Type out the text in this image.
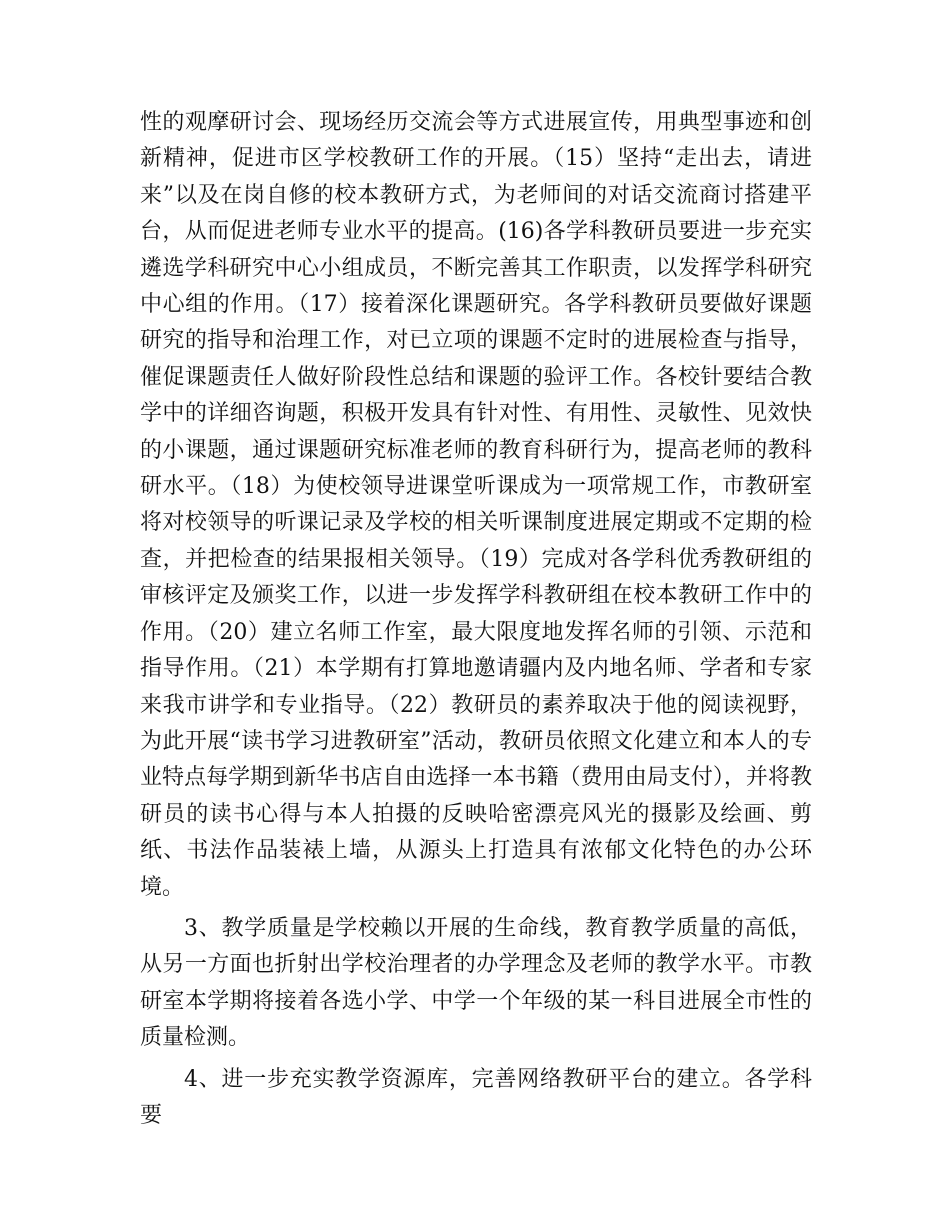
性的观摩研讨会、现场经历交流会等方式进展宣传，用典型事迹和创新精神，促进市区学校教研工作的开展。（15）坚持“走出去，请进来”以及在岗自修的校本教研方式，为老师间的对话交流商讨搭建平台，从而促进老师专业水平的提高。(16)各学科教研员要进一步充实遴选学科研究中心小组成员，不断完善其工作职责，以发挥学科研究中心组的作用。（17）接着深化课题研究。各学科教研员要做好课题研究的指导和治理工作，对已立项的课题不定时的进展检查与指导，催促课题责任人做好阶段性总结和课题的验评工作。各校针要结合教学中的详细咨询题，积极开发具有针对性、有用性、灵敏性、见效快的小课题，通过课题研究标准老师的教育科研行为，提高老师的教科研水平。（18）为使校领导进课堂听课成为一项常规工作，市教研室将对校领导的听课记录及学校的相关听课制度进展定期或不定期的检查，并把检查的结果报相关领导。（19）完成对各学科优秀教研组的审核评定及颁奖工作，以进一步发挥学科教研组在校本教研工作中的作用。（20）建立名师工作室，最大限度地发挥名师的引领、示范和指导作用。（21）本学期有打算地邀请疆内及内地名师、学者和专家来我市讲学和专业指导。（22）教研员的素养取决于他的阅读视野，为此开展“读书学习进教研室”活动，教研员依照文化建立和本人的专业特点每学期到新华书店自由选择一本书籍（费用由局支付），并将教研员的读书心得与本人拍摄的反映哈密漂亮风光的摄影及绘画、剪纸、书法作品装裱上墙，从源头上打造具有浓郁文化特色的办公环境。

3、教学质量是学校赖以开展的生命线，教育教学质量的高低，从另一方面也折射出学校治理者的办学理念及老师的教学水平。市教研室本学期将接着各选小学、中学一个年级的某一科目进展全市性的质量检测。

4、进一步充实教学资源库，完善网络教研平台的建立。各学科要
